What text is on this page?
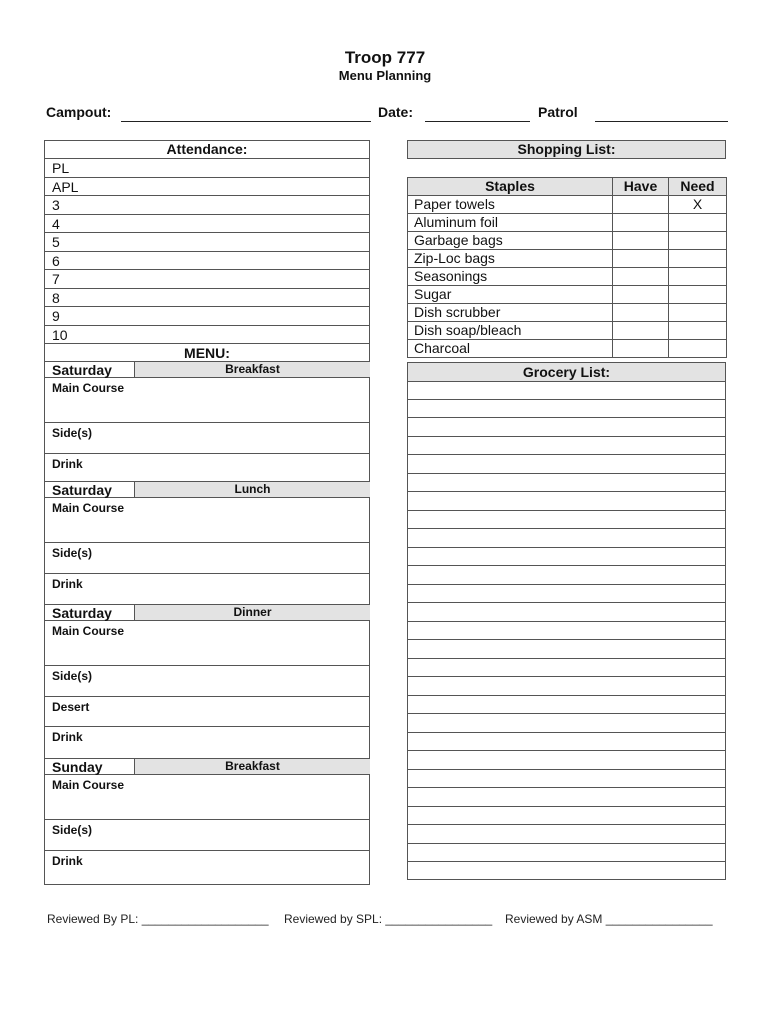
Troop 777
Menu Planning
Campout:	Date:	Patrol
Attendance:
PL
APL
3
4
5
6
7
8
9
10
MENU:
Saturday	Breakfast
Main Course
Side(s)
Drink
Saturday	Lunch
Main Course
Side(s)
Drink
Saturday	Dinner
Main Course
Side(s)
Desert
Drink
Sunday	Breakfast
Main Course
Side(s)
Drink
Shopping List:
Staples	Have	Need
Paper towels		X
Aluminum foil		
Garbage bags		
Zip-Loc bags		
Seasonings		
Sugar		
Dish scrubber		
Dish soap/bleach		
Charcoal		
Grocery List:
Reviewed By PL: ___________________ Reviewed by SPL: ________________ Reviewed by ASM ________________
